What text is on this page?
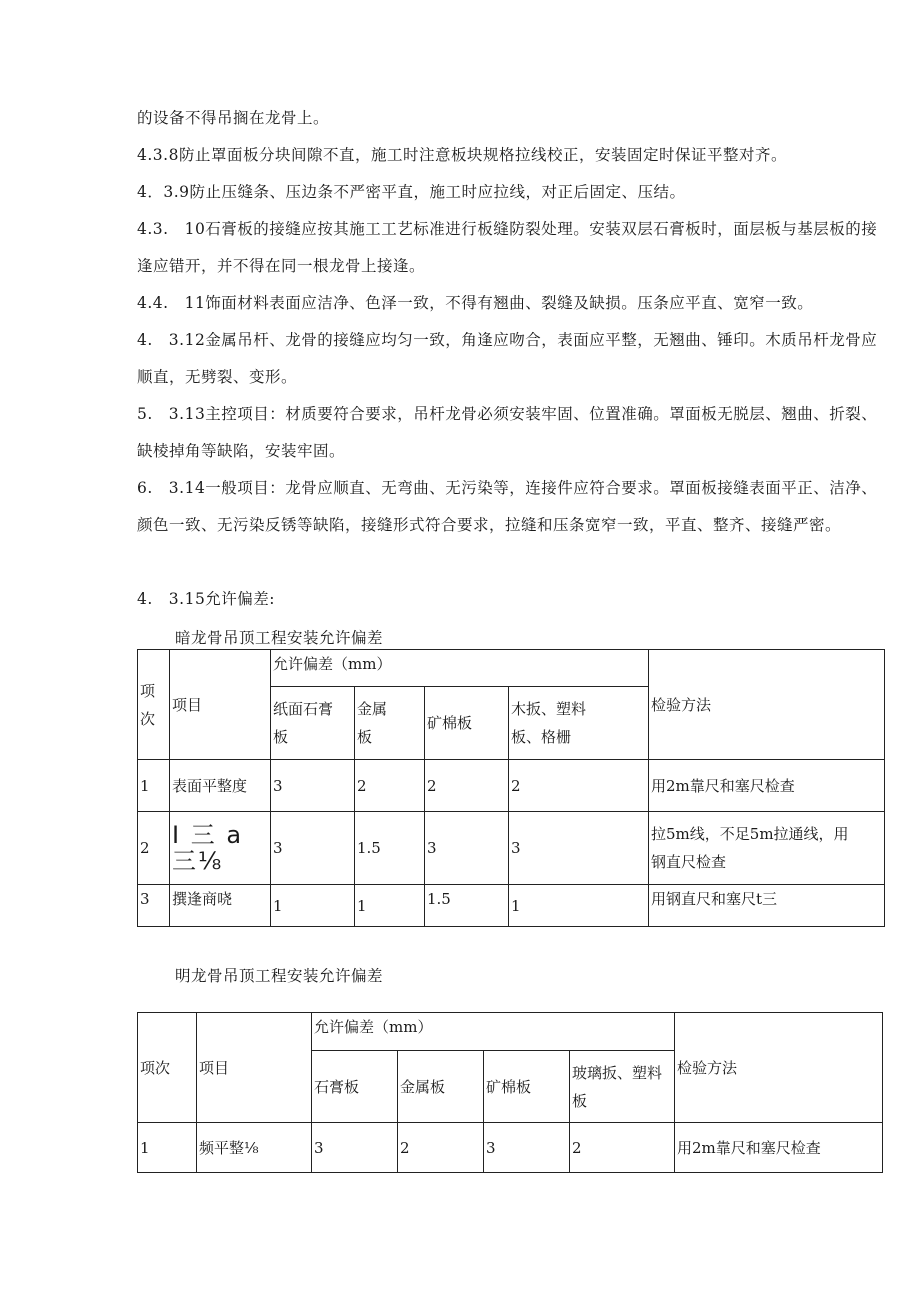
的设备不得吊搁在龙骨上。
4.3.8防止罩面板分块间隙不直，施工时注意板块规格拉线校正，安装固定时保证平整对齐。
4．3.9防止压缝条、压边条不严密平直，施工时应拉线，对正后固定、压结。
4.3.　10石膏板的接缝应按其施工工艺标准进行板缝防裂处理。安装双层石膏板时，面层板与基层板的接逢应错开，并不得在同一根龙骨上接逢。
4.4.　11饰面材料表面应洁净、色泽一致，不得有翘曲、裂缝及缺损。压条应平直、宽窄一致。
4.　3.12金属吊杆、龙骨的接缝应均匀一致，角逢应吻合，表面应平整，无翘曲、锤印。木质吊杆龙骨应顺直，无劈裂、变形。
5.　3.13主控项目：材质要符合要求，吊杆龙骨必须安装牢固、位置准确。罩面板无脱层、翘曲、折裂、缺棱掉角等缺陷，安装牢固。
6.　3.14一般项目：龙骨应顺直、无弯曲、无污染等，连接件应符合要求。罩面板接缝表面平正、洁净、颜色一致、无污染反锈等缺陷，接缝形式符合要求，拉缝和压条宽窄一致，平直、整齐、接缝严密。
4.　3.15允许偏差:
暗龙骨吊顶工程安装允许偏差
项
次	项目	允许偏差（mm）				检验方法

		纸面石膏
板	金属
板	矿棉板	木扳、塑料
板、格栅	

1	表面平整度	3	2	2	2	用2m靠尺和塞尺检查
2	I 三 a
三⅛	3	1.5	3	3	拉5m线，不足5m拉通线，用
钢直尺检查

3	撰逢商哓	1	1	1.5	1	用钢直尺和塞尺t三
明龙骨吊顶工程安装允许偏差
项次	项目	允许偏差（mm）				检验方法
		石膏板	金属板	矿棉板	玻璃扳、塑料
板	

1	频平整⅛	3	2	3	2	用2m靠尺和塞尺检查
